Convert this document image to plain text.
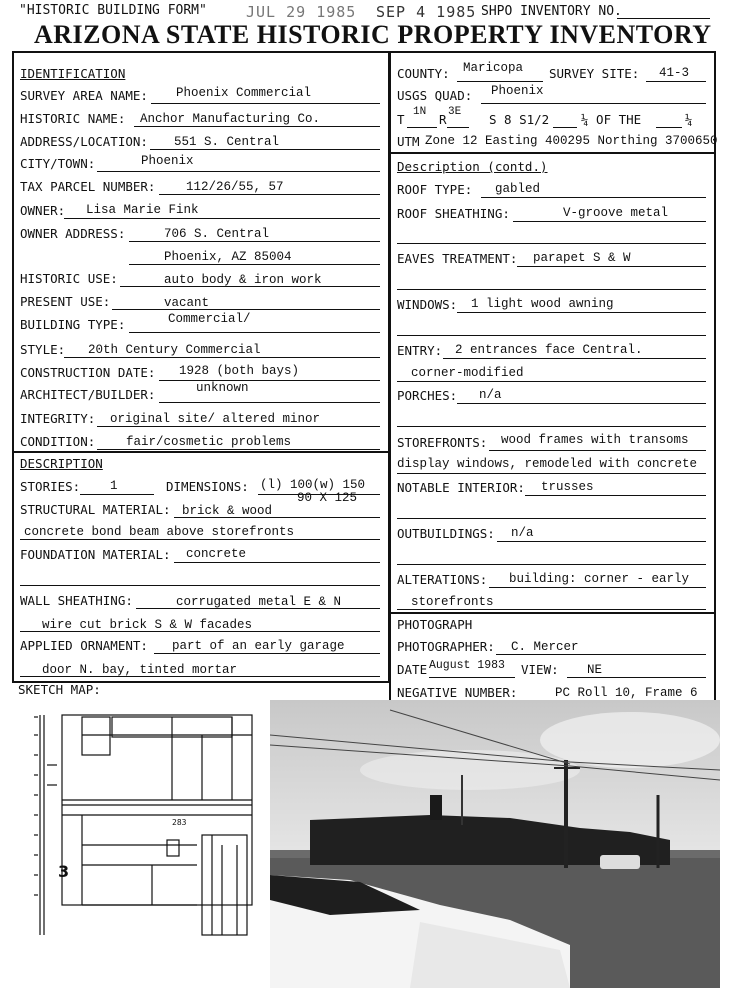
"HISTORIC BUILDING FORM"	JUL 29 1985 SEP 4 1985 SHPO INVENTORY NO.
ARIZONA STATE HISTORIC PROPERTY INVENTORY
IDENTIFICATION
SURVEY AREA NAME: Phoenix Commercial
HISTORIC NAME: Anchor Manufacturing Co.
ADDRESS/LOCATION: 551 S. Central
CITY/TOWN:	Phoenix
TAX PARCEL NUMBER: 112/26/55, 57
OWNER: Lisa Marie Fink
OWNER ADDRESS:	706 S. Central
Phoenix, AZ 85004
HISTORIC USE:	auto body & iron work
PRESENT USE:	vacant
BUILDING TYPE:	Commercial/
STYLE: 20th Century Commercial
CONSTRUCTION DATE: 1928 (both bays)
ARCHITECT/BUILDER:	unknown
INTEGRITY: original site/ altered minor
CONDITION: fair/cosmetic problems
COUNTY: Maricopa SURVEY SITE: 41-3
USGS QUAD: Phoenix
T 1N R 3E S 8 S1/2	¼ OF THE	¼
UTM Zone 12 Easting 400295 Northing 3700650
Description (contd.)
ROOF TYPE: gabled
ROOF SHEATHING:	V-groove metal
EAVES TREATMENT: parapet S & W
WINDOWS: 1 light wood awning
ENTRY: 2 entrances face Central.
corner-modified
PORCHES: n/a
STOREFRONTS: wood frames with transoms
display windows, remodeled with concrete
NOTABLE INTERIOR: trusses
OUTBUILDINGS: n/a
ALTERATIONS: building: corner - early
storefronts
DESCRIPTION
STORIES: 1	DIMENSIONS: (l) 100(w) 150
90 X 125
STRUCTURAL MATERIAL: brick & wood
concrete bond beam above storefronts
FOUNDATION MATERIAL: concrete
WALL SHEATHING:	corrugated metal E & N
wire cut brick S & W facades
APPLIED ORNAMENT: part of an early garage
door N. bay, tinted mortar
PHOTOGRAPH
PHOTOGRAPHER: C. Mercer
DATE August 1983 VIEW: NE
NEGATIVE NUMBER:	PC Roll 10, Frame 6
SKETCH MAP:
283
3
